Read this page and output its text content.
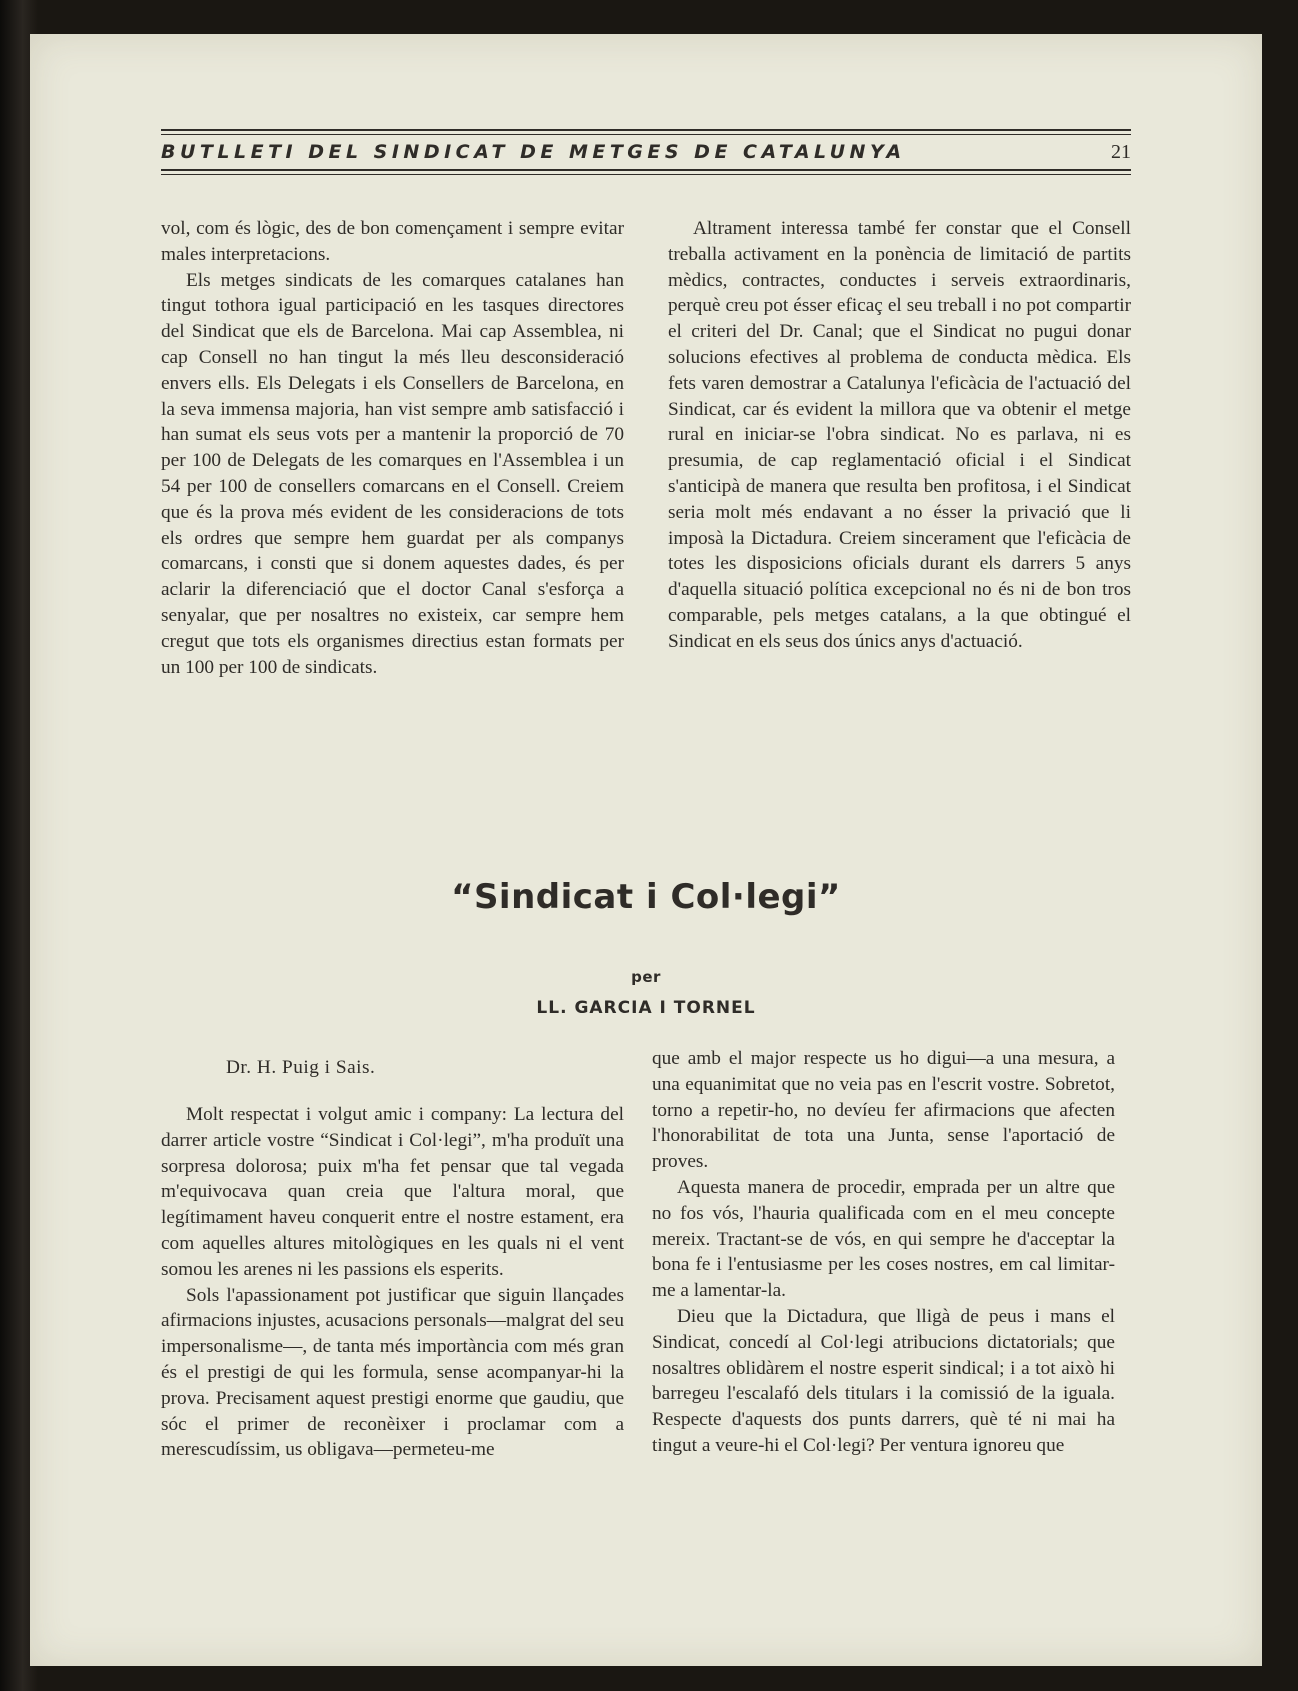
BUTLLETI DEL SINDICAT DE METGES DE CATALUNYA	21

vol, com és lògic, des de bon començament i sempre evitar males interpretacions.

Els metges sindicats de les comarques catalanes han tingut tothora igual participació en les tasques directores del Sindicat que els de Barcelona. Mai cap Assemblea, ni cap Consell no han tingut la més lleu desconsideració envers ells. Els Delegats i els Consellers de Barcelona, en la seva immensa majoria, han vist sempre amb satisfacció i han sumat els seus vots per a mantenir la proporció de 70 per 100 de Delegats de les comarques en l'Assemblea i un 54 per 100 de consellers comarcans en el Consell. Creiem que és la prova més evident de les consideracions de tots els ordres que sempre hem guardat per als companys comarcans, i consti que si donem aquestes dades, és per aclarir la diferenciació que el doctor Canal s'esforça a senyalar, que per nosaltres no existeix, car sempre hem cregut que tots els organismes directius estan formats per un 100 per 100 de sindicats.

Altrament interessa també fer constar que el Consell treballa activament en la ponència de limitació de partits mèdics, contractes, conductes i serveis extraordinaris, perquè creu pot ésser eficaç el seu treball i no pot compartir el criteri del Dr. Canal; que el Sindicat no pugui donar solucions efectives al problema de conducta mèdica. Els fets varen demostrar a Catalunya l'eficàcia de l'actuació del Sindicat, car és evident la millora que va obtenir el metge rural en iniciar-se l'obra sindicat. No es parlava, ni es presumia, de cap reglamentació oficial i el Sindicat s'anticipà de manera que resulta ben profitosa, i el Sindicat seria molt més endavant a no ésser la privació que li imposà la Dictadura. Creiem sincerament que l'eficàcia de totes les disposicions oficials durant els darrers 5 anys d'aquella situació política excepcional no és ni de bon tros comparable, pels metges catalans, a la que obtingué el Sindicat en els seus dos únics anys d'actuació.

“Sindicat i Col·legi”
per
LL. GARCIA I TORNEL
Dr. H. Puig i Sais.

Molt respectat i volgut amic i company: La lectura del darrer article vostre “Sindicat i Col·legi”, m'ha produït una sorpresa dolorosa; puix m'ha fet pensar que tal vegada m'equivocava quan creia que l'altura moral, que legítimament haveu conquerit entre el nostre estament, era com aquelles altures mitològiques en les quals ni el vent somou les arenes ni les passions els esperits.

Sols l'apassionament pot justificar que siguin llançades afirmacions injustes, acusacions personals—malgrat del seu impersonalisme—, de tanta més importància com més gran és el prestigi de qui les formula, sense acompanyar-hi la prova. Precisament aquest prestigi enorme que gaudiu, que sóc el primer de reconèixer i proclamar com a merescudíssim, us obligava—permeteu-me

que amb el major respecte us ho digui—a una mesura, a una equanimitat que no veia pas en l'escrit vostre. Sobretot, torno a repetir-ho, no devíeu fer afirmacions que afecten l'honorabilitat de tota una Junta, sense l'aportació de proves.

Aquesta manera de procedir, emprada per un altre que no fos vós, l'hauria qualificada com en el meu concepte mereix. Tractant-se de vós, en qui sempre he d'acceptar la bona fe i l'entusiasme per les coses nostres, em cal limitar-me a lamentar-la.

Dieu que la Dictadura, que lligà de peus i mans el Sindicat, concedí al Col·legi atribucions dictatorials; que nosaltres oblidàrem el nostre esperit sindical; i a tot això hi barregeu l'escalafó dels titulars i la comissió de la iguala. Respecte d'aquests dos punts darrers, què té ni mai ha tingut a veure-hi el Col·legi? Per ventura ignoreu que
